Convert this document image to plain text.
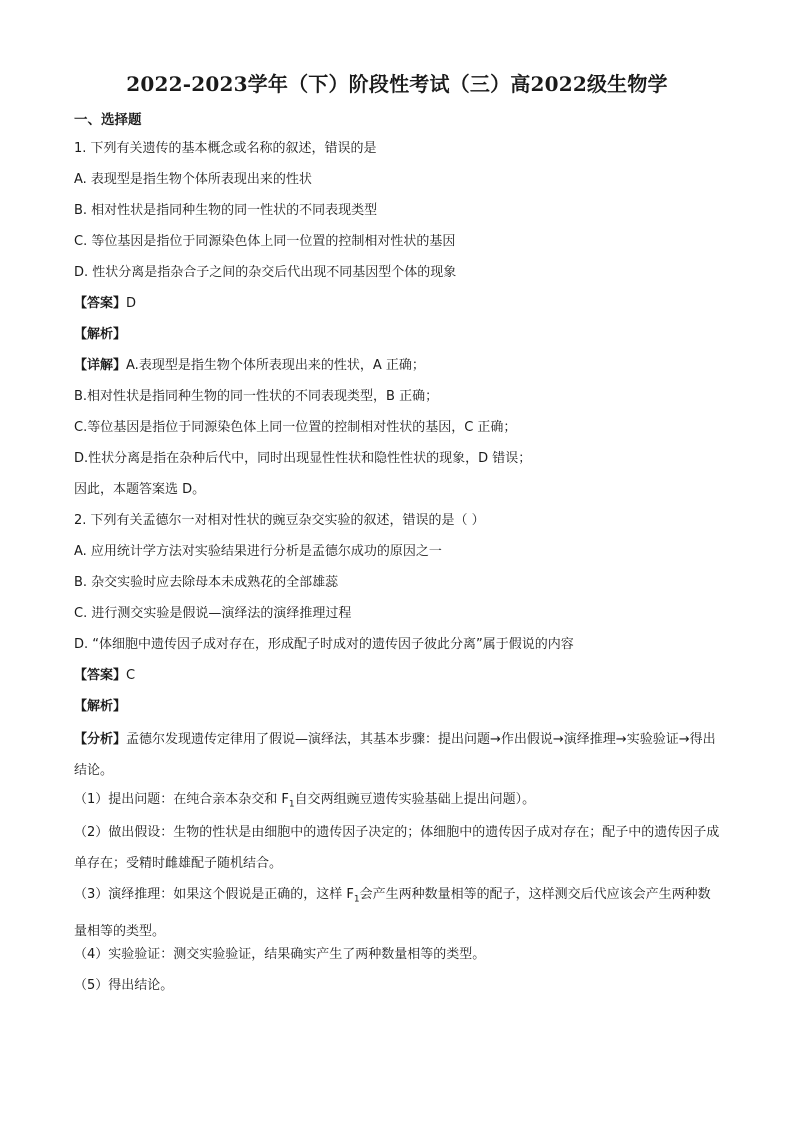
2022-2023学年（下）阶段性考试（三）高2022级生物学
一、选择题
1. 下列有关遗传的基本概念或名称的叙述，错误的是
A. 表现型是指生物个体所表现出来的性状
B. 相对性状是指同种生物的同一性状的不同表现类型
C. 等位基因是指位于同源染色体上同一位置的控制相对性状的基因
D. 性状分离是指杂合子之间的杂交后代出现不同基因型个体的现象
【答案】D
【解析】
【详解】A.表现型是指生物个体所表现出来的性状，A 正确；
B.相对性状是指同种生物的同一性状的不同表现类型，B 正确；
C.等位基因是指位于同源染色体上同一位置的控制相对性状的基因，C 正确；
D.性状分离是指在杂种后代中，同时出现显性性状和隐性性状的现象，D 错误；
因此，本题答案选 D。
2. 下列有关孟德尔一对相对性状的豌豆杂交实验的叙述，错误的是（ ）
A. 应用统计学方法对实验结果进行分析是孟德尔成功的原因之一
B. 杂交实验时应去除母本未成熟花的全部雄蕊
C. 进行测交实验是假说—演绎法的演绎推理过程
D. “体细胞中遗传因子成对存在，形成配子时成对的遗传因子彼此分离”属于假说的内容
【答案】C
【解析】
【分析】孟德尔发现遗传定律用了假说—演绎法，其基本步骤：提出问题→作出假说→演绎推理→实验验证→得出结论。
（1）提出问题：在纯合亲本杂交和 $F_1$自交两组豌豆遗传实验基础上提出问题）。
（2）做出假设：生物的性状是由细胞中的遗传因子决定的；体细胞中的遗传因子成对存在；配子中的遗传因子成单存在；受精时雌雄配子随机结合。
（3）演绎推理：如果这个假说是正确的，这样 $F_1$会产生两种数量相等的配子，这样测交后代应该会产生两种数量相等的类型。
（4）实验验证：测交实验验证，结果确实产生了两种数量相等的类型。
（5）得出结论。
